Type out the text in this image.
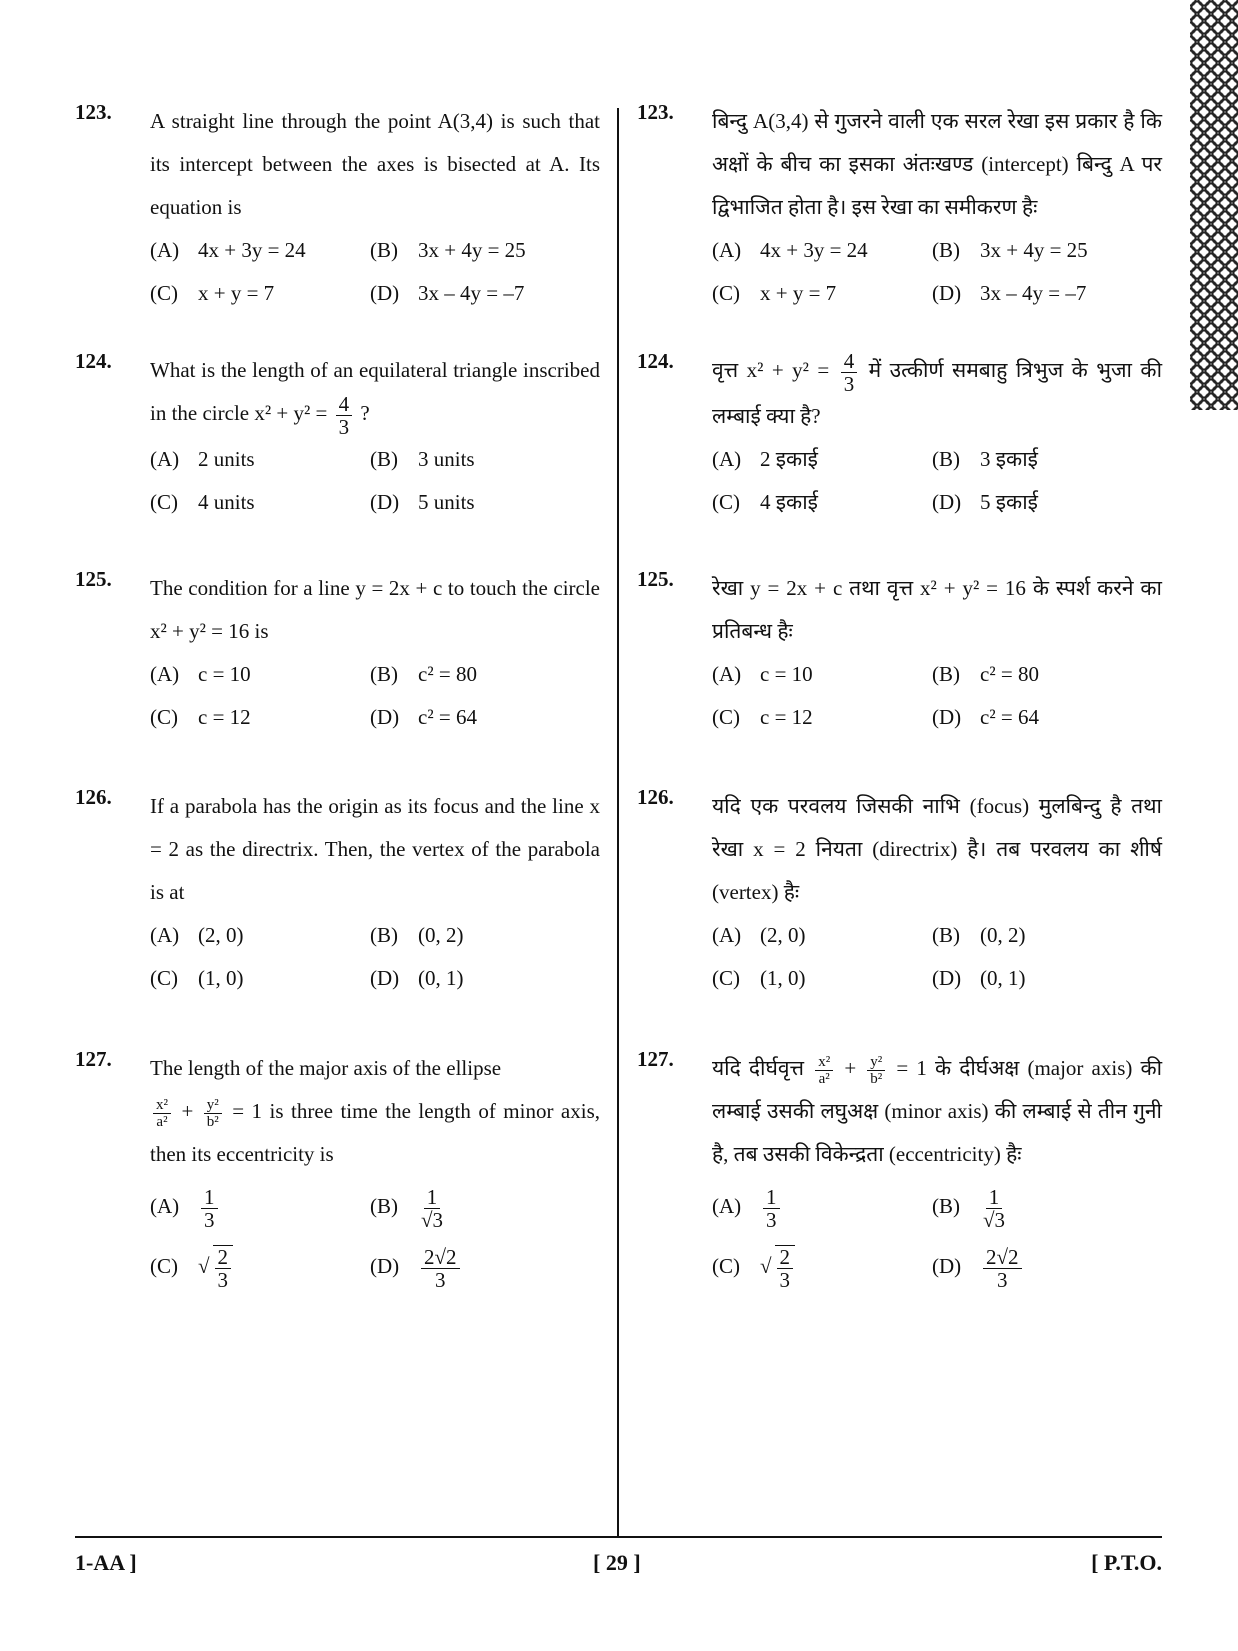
123. A straight line through the point A(3,4) is such that its intercept between the axes is bisected at A. Its equation is
(A) 4x + 3y = 24	(B) 3x + 4y = 25
(C) x + y = 7	(D) 3x – 4y = –7
124. What is the length of an equilateral triangle inscribed in the circle $x^2 + y^2 = \frac{4}{3}$ ?
(A) 2 units	(B) 3 units
(C) 4 units	(D) 5 units
125. The condition for a line y = 2x + c to touch the circle x² + y² = 16 is
(A) c = 10	(B) c² = 80
(C) c = 12	(D) c² = 64
126. If a parabola has the origin as its focus and the line x = 2 as the directrix. Then, the vertex of the parabola is at
(A) (2, 0)	(B) (0, 2)
(C) (1, 0)	(D) (0, 1)
127. The length of the major axis of the ellipse

$\frac{\text{x²}}{\text{a²}} + \frac{\text{y²}}{\text{b²}} = 1$ is three time the length of minor axis, then its eccentricity is
$(A) \frac{1}{3}$	$(B) \frac{1}{√3}$
(C) √ $\frac{2}{3}$	$(D) \frac{2√2}{3}$
123. बिन्दु A(3,4) से गुजरने वाली एक सरल रेखा इस प्रकार है कि अक्षों के बीच का इसका अंतःखण्ड (intercept) बिन्दु A पर द्विभाजित होता है। इस रेखा का समीकरण हैः
(A) 4x + 3y = 24	(B) 3x + 4y = 25
(C) x + y = 7	(D) 3x – 4y = –7
124. वृत्त $x^2 + y^2 = \frac{4}{3}$ में उत्कीर्ण समबाहु त्रिभुज के भुजा की लम्बाई क्या है?
(A) 2 इकाई	(B) 3 इकाई
(C) 4 इकाई	(D) 5 इकाई
125. रेखा y = 2x + c तथा वृत्त x² + y² = 16 के स्पर्श करने का प्रतिबन्ध हैः
(A) c = 10	(B) c² = 80
(C) c = 12	(D) c² = 64
126. यदि एक परवलय जिसकी नाभि (focus) मुलबिन्दु है तथा रेखा x = 2 नियता (directrix) है। तब परवलय का शीर्ष (vertex) हैः
(A) (2, 0)	(B) (0, 2)
(C) (1, 0)	(D) (0, 1)
127. यदि दीर्घवृत्त $\frac{\text{x²}}{\text{a²}} + \frac{\text{y²}}{\text{b²}} = 1$ के दीर्घअक्ष (major axis) की लम्बाई उसकी लघुअक्ष (minor axis) की लम्बाई से तीन गुनी है, तब उसकी विकेन्द्रता (eccentricity) हैः
$(A) \frac{1}{3}$	$(B) \frac{1}{√3}$
(C) √ $\frac{2}{3}$	$(D) \frac{2√2}{3}$
1-AA ]	[ 29 ]	[ P.T.O.
